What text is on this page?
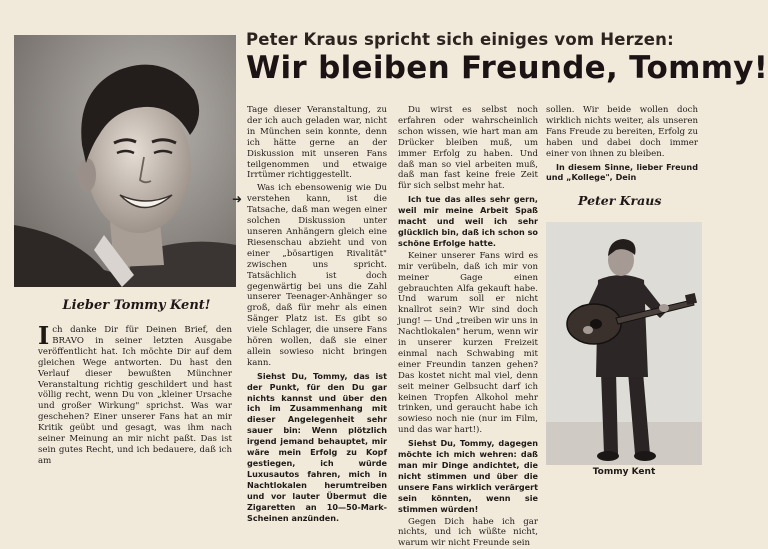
Peter Kraus spricht sich einiges vom Herzen:
Wir bleiben Freunde, Tommy!
Lieber Tommy Kent!

Ich danke Dir für Deinen Brief, den BRAVO in seiner letzten Ausgabe veröffentlicht hat. Ich möchte Dir auf dem gleichen Wege antworten. Du hast den Verlauf dieser bewußten Münchner Veranstaltung richtig geschildert und hast völlig recht, wenn Du von „kleiner Ursache und großer Wirkung" sprichst. Was war geschehen? Einer unserer Fans hat an mir Kritik geübt und gesagt, was ihm nach seiner Meinung an mir nicht paßt. Das ist sein gutes Recht, und ich bedauere, daß ich am

Tage dieser Veranstaltung, zu der ich auch geladen war, nicht in München sein konnte, denn ich hätte gerne an der Diskussion mit unseren Fans teilgenommen und etwaige Irrtümer richtiggestellt.

Was ich ebensowenig wie Du verstehen kann, ist die Tatsache, daß man wegen einer solchen Diskussion unter unseren Anhängern gleich eine Riesenschau abzieht und von einer „bösartigen Rivalität" zwischen uns spricht. Tatsächlich ist doch gegenwärtig bei uns die Zahl unserer Teenager-Anhänger so groß, daß für mehr als einen Sänger Platz ist. Es gibt so viele Schlager, die unsere Fans hören wollen, daß sie einer allein sowieso nicht bringen kann.

Siehst Du, Tommy, das ist der Punkt, für den Du gar nichts kannst und über den ich im Zusammenhang mit dieser Angelegenheit sehr sauer bin: Wenn plötzlich irgend jemand behauptet, mir wäre mein Erfolg zu Kopf gestiegen, ich würde Luxusautos fahren, mich in Nachtlokalen herumtreiben und vor lauter Übermut die Zigaretten an 10—50-Mark-Scheinen anzünden.

➜

Du wirst es selbst noch erfahren oder wahrscheinlich schon wissen, wie hart man am Drücker bleiben muß, um immer Erfolg zu haben. Und daß man so viel arbeiten muß, daß man fast keine freie Zeit für sich selbst mehr hat.

Ich tue das alles sehr gern, weil mir meine Arbeit Spaß macht und weil ich sehr glücklich bin, daß ich schon so schöne Erfolge hatte.

Keiner unserer Fans wird es mir verübeln, daß ich mir von meiner Gage einen gebrauchten Alfa gekauft habe. Und warum soll er nicht knallrot sein? Wir sind doch jung! — Und „treiben wir uns in Nachtlokalen" herum, wenn wir in unserer kurzen Freizeit einmal nach Schwabing mit einer Freundin tanzen gehen? Das kostet nicht mal viel, denn seit meiner Gelbsucht darf ich keinen Tropfen Alkohol mehr trinken, und geraucht habe ich sowieso noch nie (nur im Film, und das war hart!).

Siehst Du, Tommy, dagegen möchte ich mich wehren: daß man mir Dinge andichtet, die nicht stimmen und über die unsere Fans wirklich verärgert sein könnten, wenn sie stimmen würden!

Gegen Dich habe ich gar nichts, und ich wüßte nicht, warum wir nicht Freunde sein

sollen. Wir beide wollen doch wirklich nichts weiter, als unseren Fans Freude zu bereiten, Erfolg zu haben und dabei doch immer einer von ihnen zu bleiben.

In diesem Sinne, lieber Freund und „Kollege", Dein

Peter Kraus
Tommy Kent
